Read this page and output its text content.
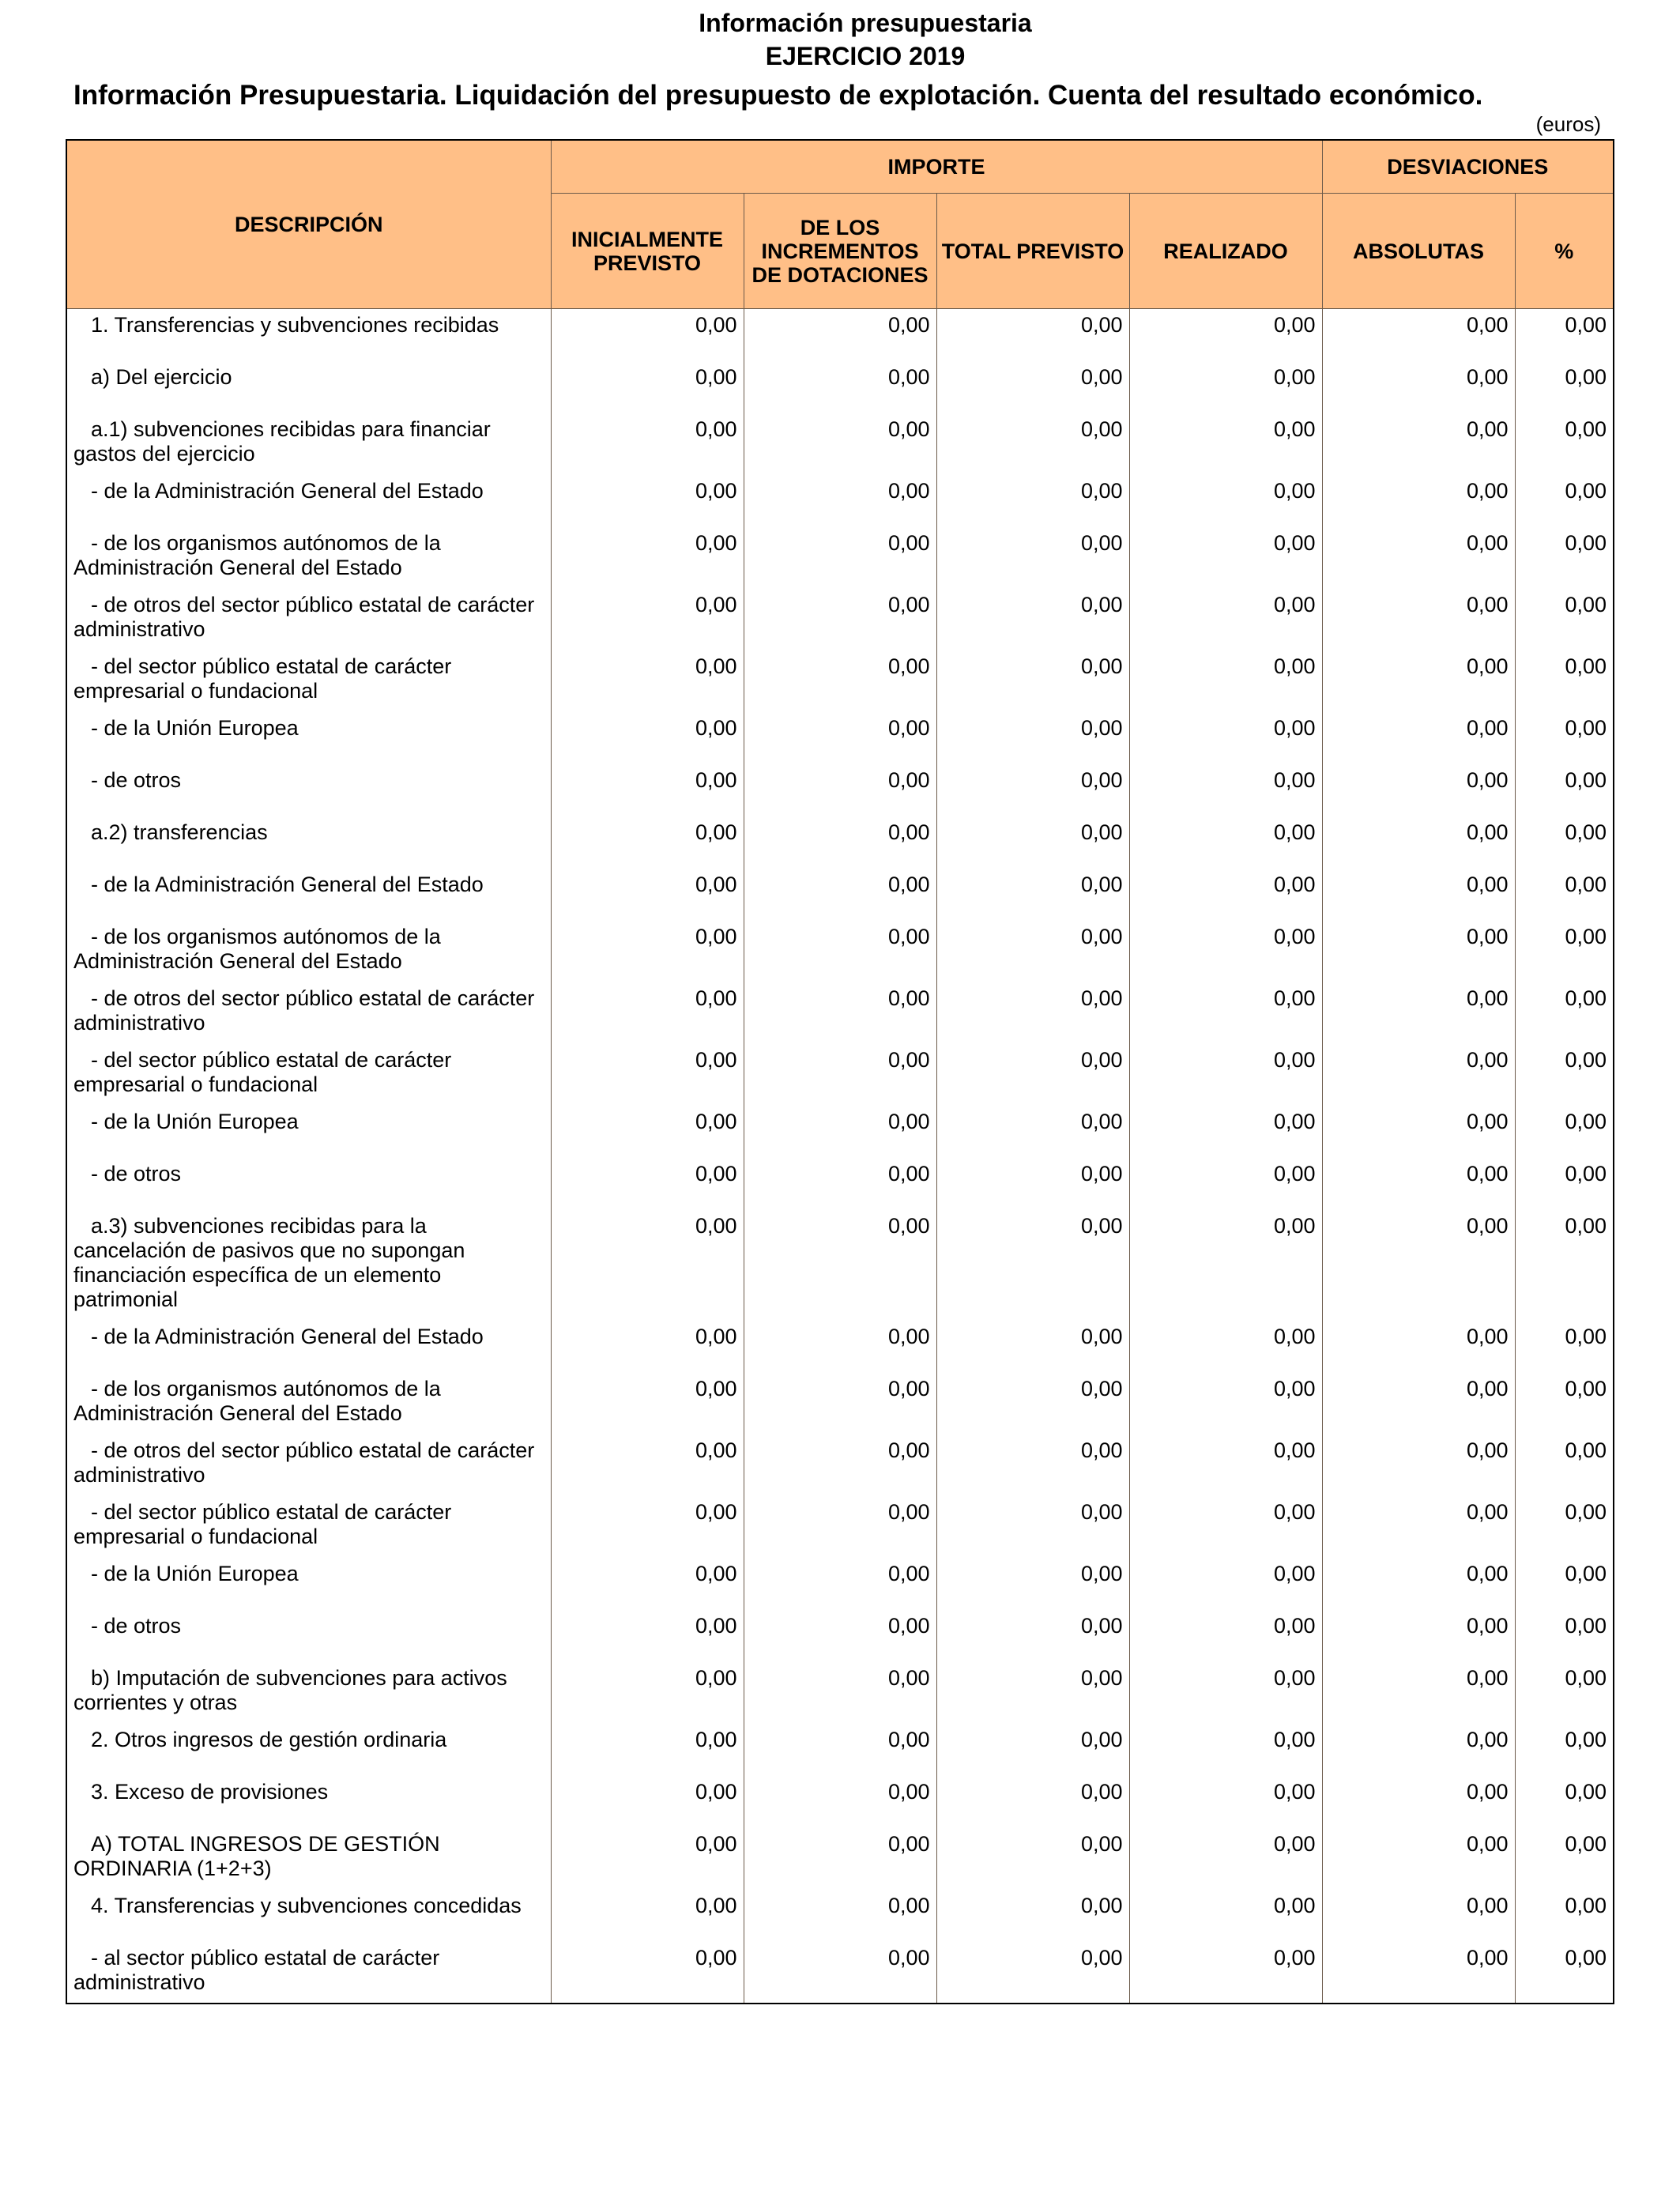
Información presupuestaria
EJERCICIO 2019
Información Presupuestaria. Liquidación del presupuesto de explotación. Cuenta del resultado económico.
(euros)
DESCRIPCIÓN	IMPORTE				DESVIACIONES	
	INICIALMENTE PREVISTO	DE LOS INCREMENTOS DE DOTACIONES	TOTAL PREVISTO	REALIZADO	ABSOLUTAS	%
1. Transferencias y subvenciones recibidas	0,00	0,00	0,00	0,00	0,00	0,00
a) Del ejercicio	0,00	0,00	0,00	0,00	0,00	0,00
a.1) subvenciones recibidas para financiar gastos del ejercicio	0,00	0,00	0,00	0,00	0,00	0,00
- de la Administración General del Estado	0,00	0,00	0,00	0,00	0,00	0,00
- de los organismos autónomos de la Administración General del Estado	0,00	0,00	0,00	0,00	0,00	0,00
- de otros del sector público estatal de carácter administrativo	0,00	0,00	0,00	0,00	0,00	0,00
- del sector público estatal de carácter empresarial o fundacional	0,00	0,00	0,00	0,00	0,00	0,00
- de la Unión Europea	0,00	0,00	0,00	0,00	0,00	0,00
- de otros	0,00	0,00	0,00	0,00	0,00	0,00
a.2) transferencias	0,00	0,00	0,00	0,00	0,00	0,00
- de la Administración General del Estado	0,00	0,00	0,00	0,00	0,00	0,00
- de los organismos autónomos de la Administración General del Estado	0,00	0,00	0,00	0,00	0,00	0,00
- de otros del sector público estatal de carácter administrativo	0,00	0,00	0,00	0,00	0,00	0,00
- del sector público estatal de carácter empresarial o fundacional	0,00	0,00	0,00	0,00	0,00	0,00
- de la Unión Europea	0,00	0,00	0,00	0,00	0,00	0,00
- de otros	0,00	0,00	0,00	0,00	0,00	0,00
a.3) subvenciones recibidas para la cancelación de pasivos que no supongan financiación específica de un elemento patrimonial	0,00	0,00	0,00	0,00	0,00	0,00
- de la Administración General del Estado	0,00	0,00	0,00	0,00	0,00	0,00
- de los organismos autónomos de la Administración General del Estado	0,00	0,00	0,00	0,00	0,00	0,00
- de otros del sector público estatal de carácter administrativo	0,00	0,00	0,00	0,00	0,00	0,00
- del sector público estatal de carácter empresarial o fundacional	0,00	0,00	0,00	0,00	0,00	0,00
- de la Unión Europea	0,00	0,00	0,00	0,00	0,00	0,00
- de otros	0,00	0,00	0,00	0,00	0,00	0,00
b) Imputación de subvenciones para activos corrientes y otras	0,00	0,00	0,00	0,00	0,00	0,00
2. Otros ingresos de gestión ordinaria	0,00	0,00	0,00	0,00	0,00	0,00
3. Exceso de provisiones	0,00	0,00	0,00	0,00	0,00	0,00
A) TOTAL INGRESOS DE GESTIÓN ORDINARIA (1+2+3)	0,00	0,00	0,00	0,00	0,00	0,00
4. Transferencias y subvenciones concedidas	0,00	0,00	0,00	0,00	0,00	0,00
- al sector público estatal de carácter administrativo	0,00	0,00	0,00	0,00	0,00	0,00
